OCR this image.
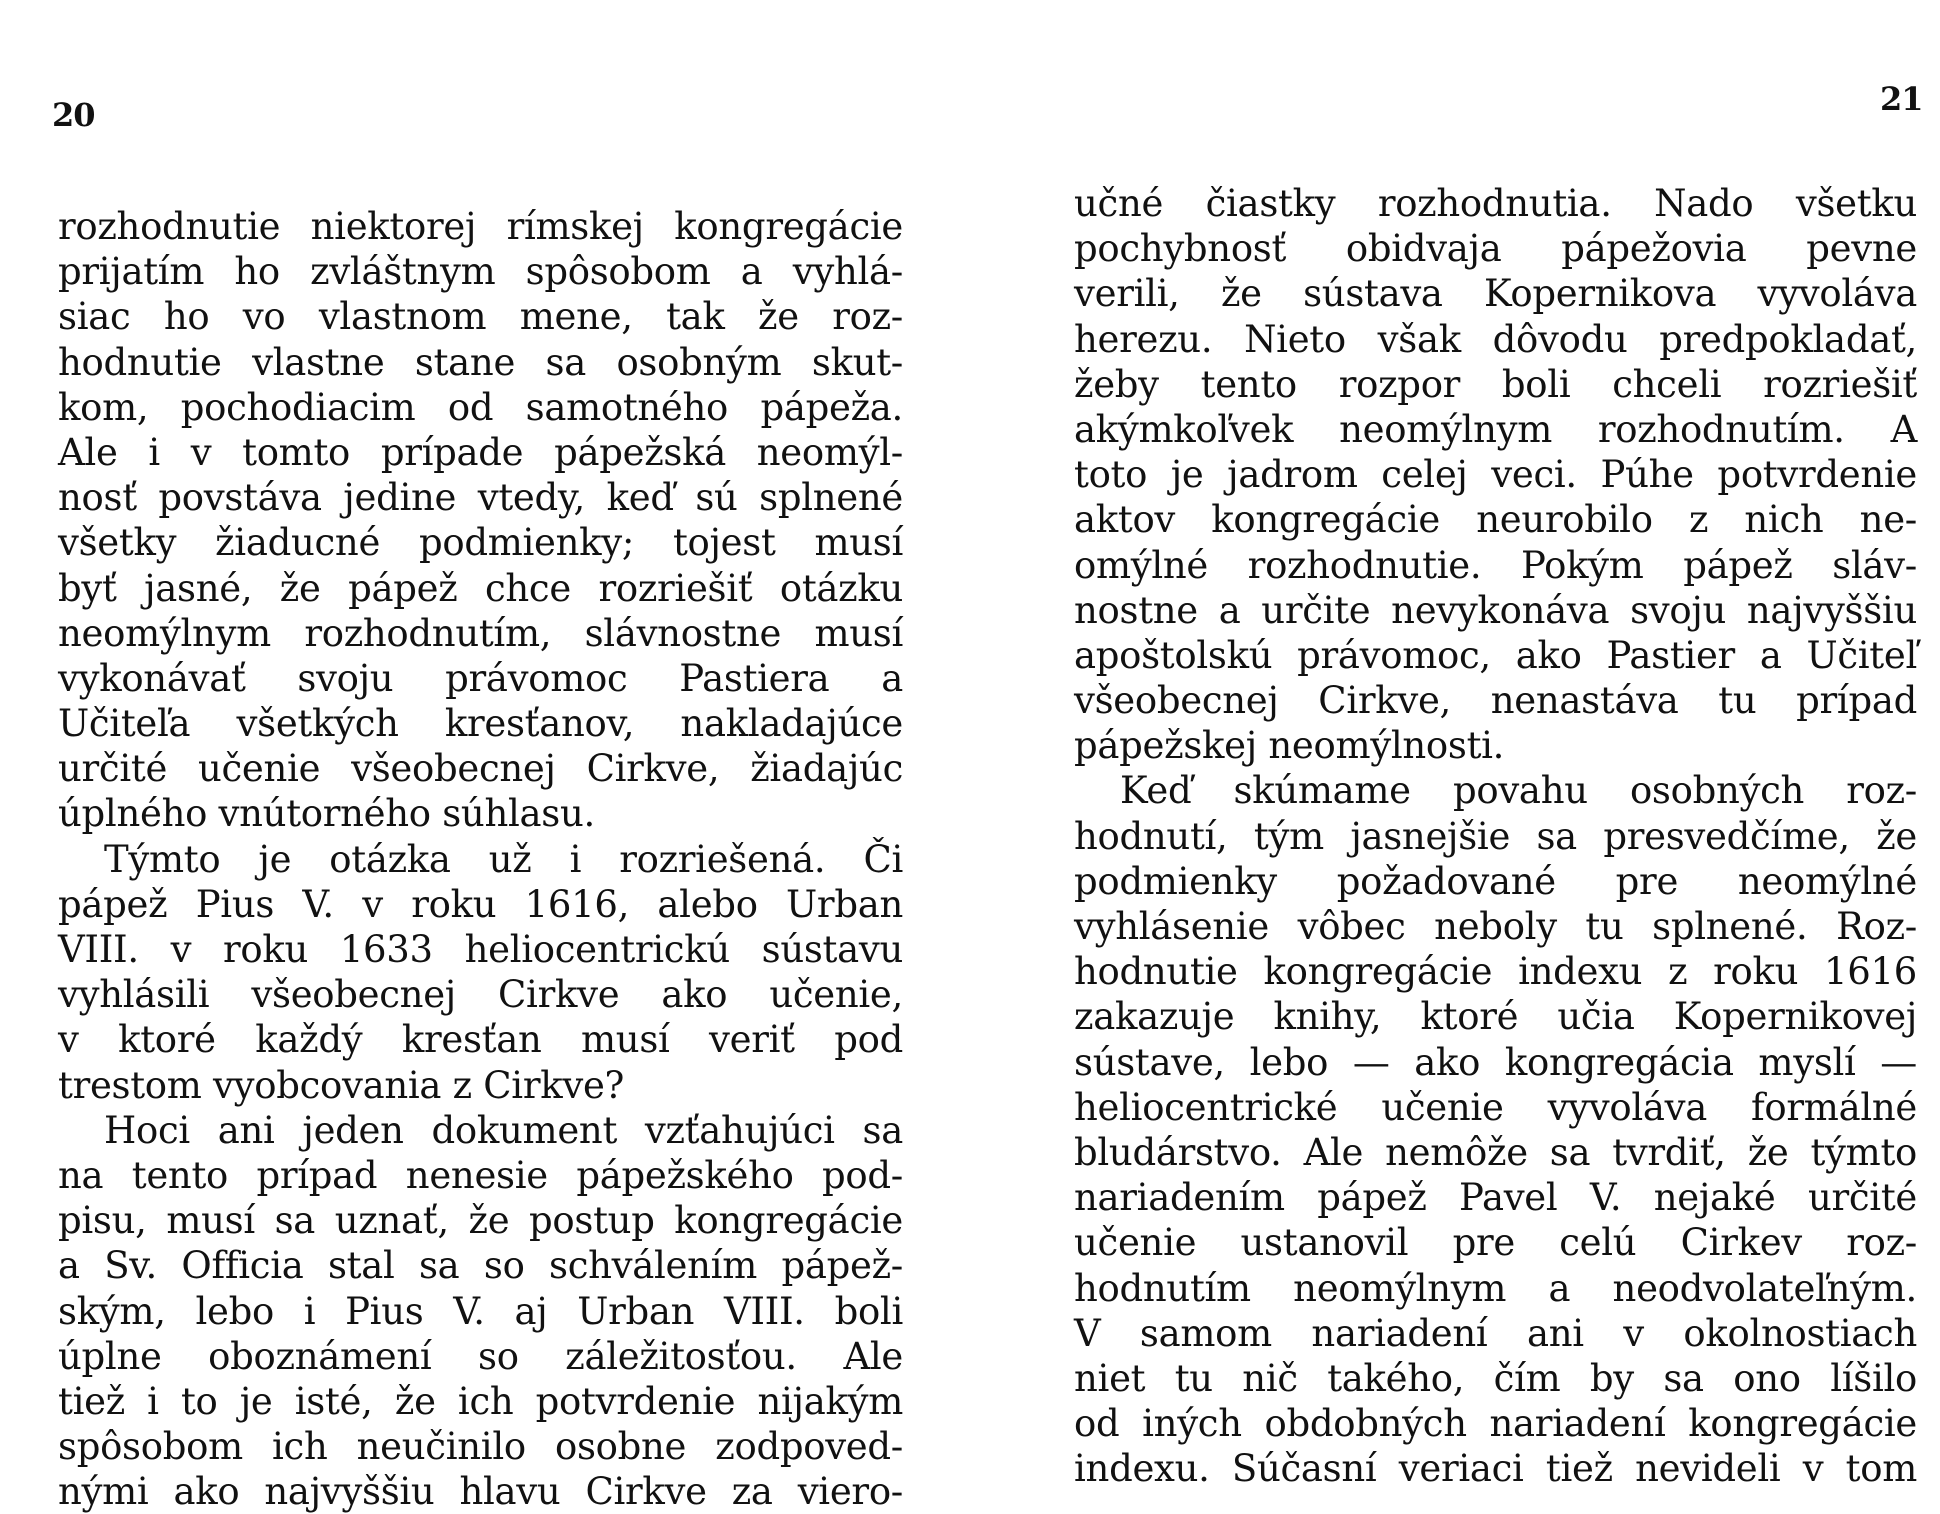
20
rozhodnutie niektorej rímskej kongregácie
prijatím ho zvláštnym spôsobom a vyhlá-
siac ho vo vlastnom mene, tak že roz-
hodnutie vlastne stane sa osobným skut-
kom, pochodiacim od samotného pápeža.
Ale i v tomto prípade pápežská neomýl-
nosť povstáva jedine vtedy, keď sú splnené
všetky žiaducné podmienky; tojest musí
byť jasné, že pápež chce rozriešiť otázku
neomýlnym rozhodnutím, slávnostne musí
vykonávať svoju právomoc Pastiera a
Učiteľa všetkých kresťanov, nakladajúce
určité učenie všeobecnej Cirkve, žiadajúc
úplného vnútorného súhlasu.
Týmto je otázka už i rozriešená. Či
pápež Pius V. v roku 1616, alebo Urban
VIII. v roku 1633 heliocentrickú sústavu
vyhlásili všeobecnej Cirkve ako učenie,
v ktoré každý kresťan musí veriť pod
trestom vyobcovania z Cirkve?
Hoci ani jeden dokument vzťahujúci sa
na tento prípad nenesie pápežského pod-
pisu, musí sa uznať, že postup kongregácie
a Sv. Officia stal sa so schválením pápež-
ským, lebo i Pius V. aj Urban VIII. boli
úplne oboznámení so záležitosťou. Ale
tiež i to je isté, že ich potvrdenie nijakým
spôsobom ich neučinilo osobne zodpoved-
nými ako najvyššiu hlavu Cirkve za viero-
21
učné čiastky rozhodnutia. Nado všetku
pochybnosť obidvaja pápežovia pevne
verili, že sústava Kopernikova vyvoláva
herezu. Nieto však dôvodu predpokladať,
žeby tento rozpor boli chceli rozriešiť
akýmkoľvek neomýlnym rozhodnutím. A
toto je jadrom celej veci. Púhe potvrdenie
aktov kongregácie neurobilo z nich ne-
omýlné rozhodnutie. Pokým pápež sláv-
nostne a určite nevykonáva svoju najvyššiu
apoštolskú právomoc, ako Pastier a Učiteľ
všeobecnej Cirkve, nenastáva tu prípad
pápežskej neomýlnosti.
Keď skúmame povahu osobných roz-
hodnutí, tým jasnejšie sa presvedčíme, že
podmienky požadované pre neomýlné
vyhlásenie vôbec neboly tu splnené. Roz-
hodnutie kongregácie indexu z roku 1616
zakazuje knihy, ktoré učia Kopernikovej
sústave, lebo — ako kongregácia myslí —
heliocentrické učenie vyvoláva formálné
bludárstvo. Ale nemôže sa tvrdiť, že týmto
nariadením pápež Pavel V. nejaké určité
učenie ustanovil pre celú Cirkev roz-
hodnutím neomýlnym a neodvolateľným.
V samom nariadení ani v okolnostiach
niet tu nič takého, čím by sa ono líšilo
od iných obdobných nariadení kongregácie
indexu. Súčasní veriaci tiež nevideli v tom
